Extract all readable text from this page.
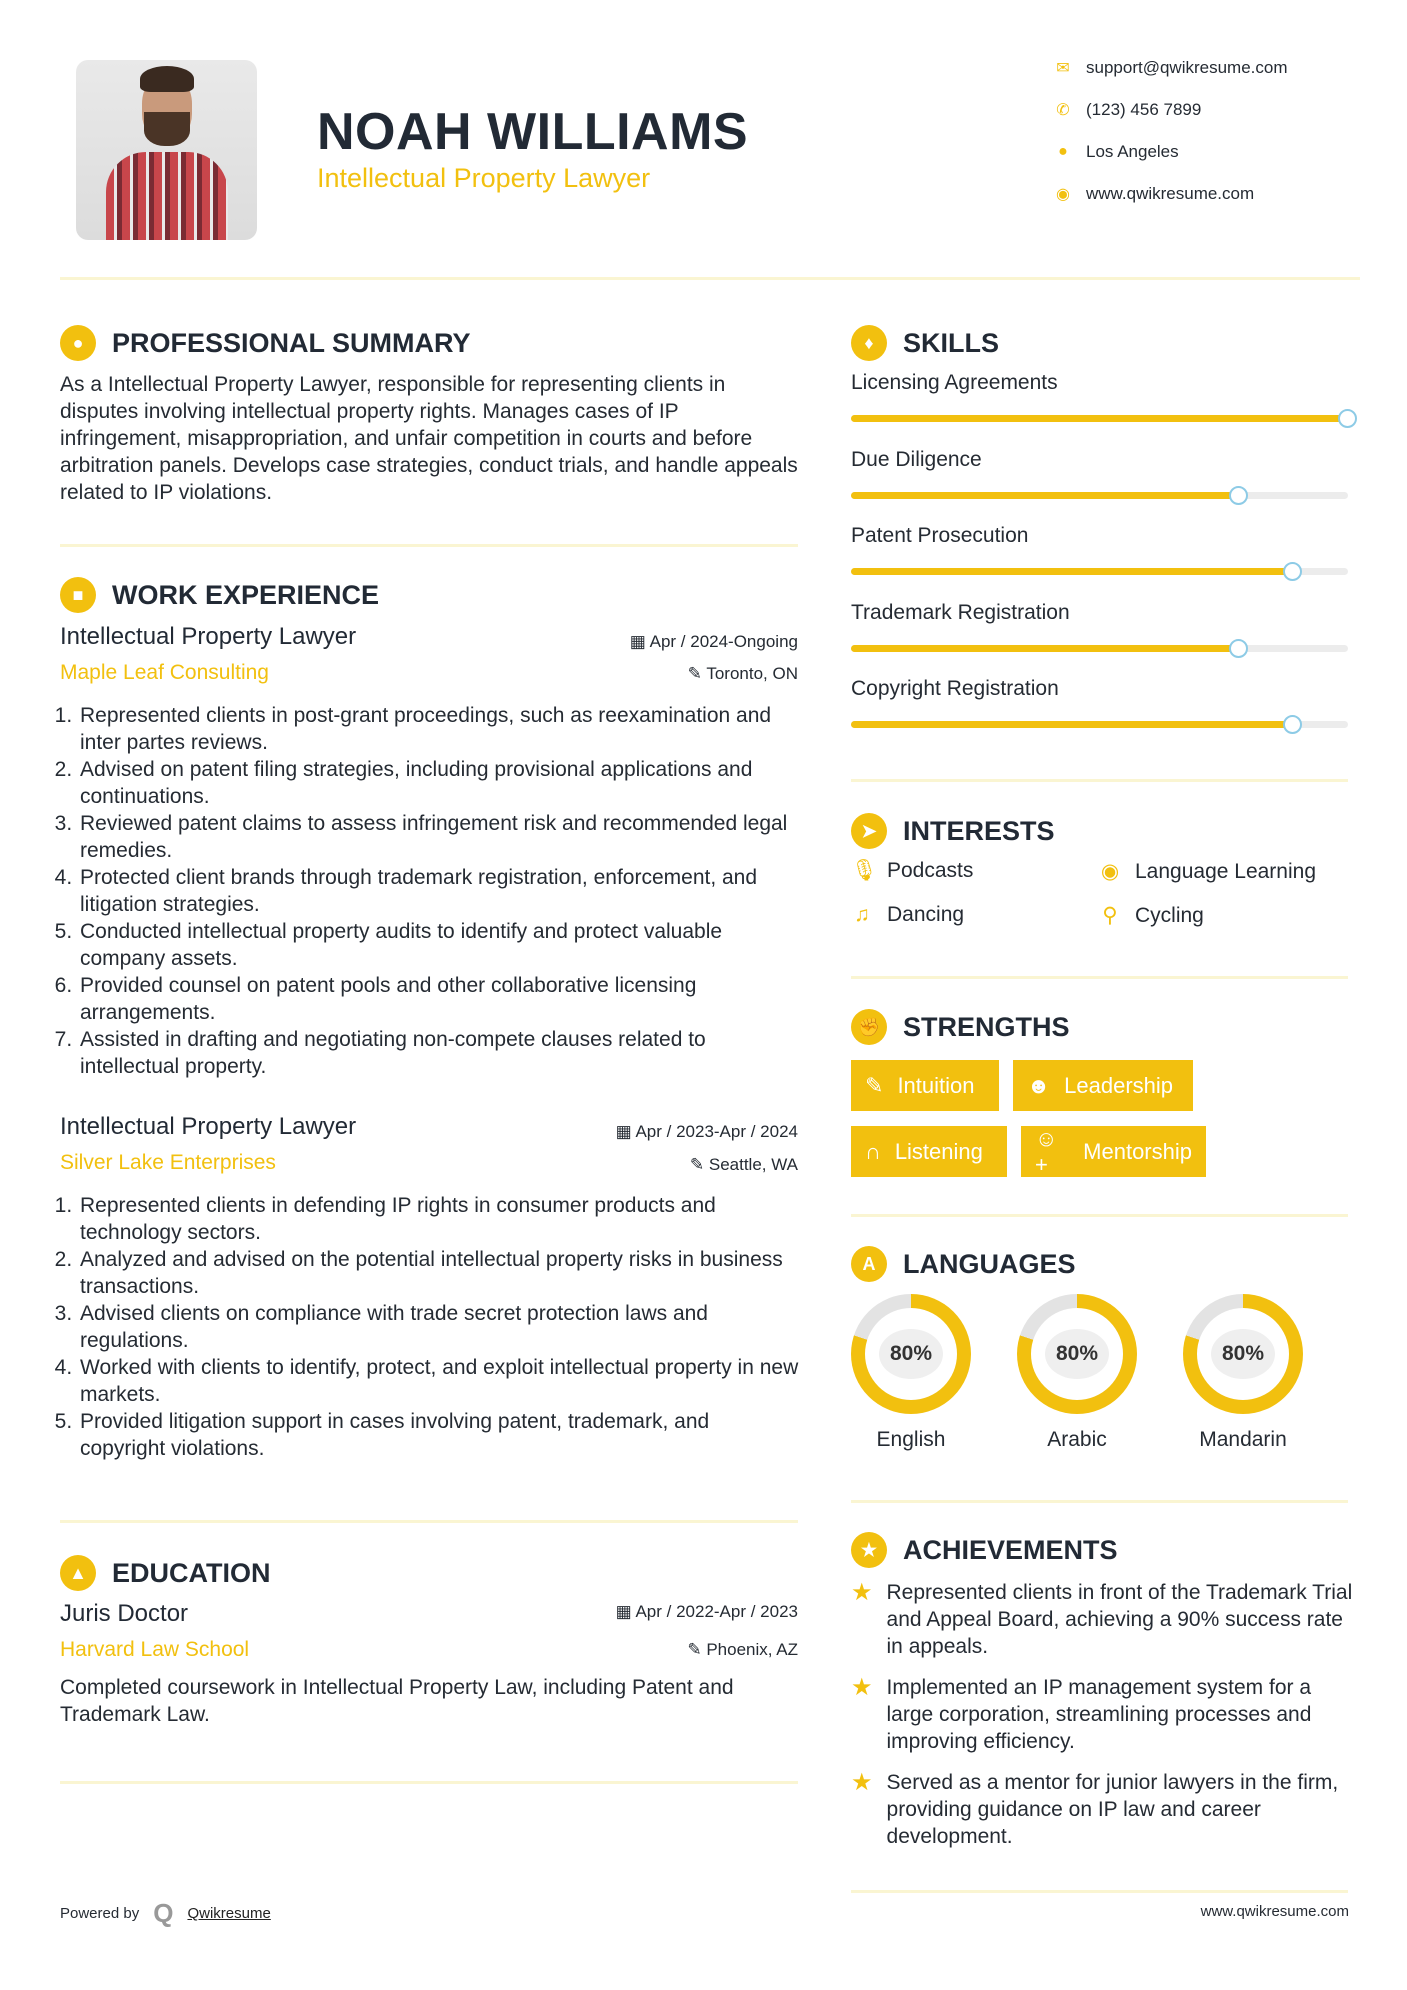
NOAH WILLIAMS
Intellectual Property Lawyer
✉ support@qwikresume.com
✆ (123) 456 7899
● Los Angeles
◉ www.qwikresume.com
●	PROFESSIONAL SUMMARY
As a Intellectual Property Lawyer, responsible for representing clients in disputes involving intellectual property rights. Manages cases of IP infringement, misappropriation, and unfair competition in courts and before arbitration panels. Develops case strategies, conduct trials, and handle appeals related to IP violations.
■	WORK EXPERIENCE
Intellectual Property Lawyer	▦ Apr / 2024-Ongoing
Maple Leaf Consulting	✎ Toronto, ON
1. Represented clients in post-grant proceedings, such as reexamination and inter partes reviews.
2. Advised on patent filing strategies, including provisional applications and continuations.
3. Reviewed patent claims to assess infringement risk and recommended legal remedies.
4. Protected client brands through trademark registration, enforcement, and litigation strategies.
5. Conducted intellectual property audits to identify and protect valuable company assets.
6. Provided counsel on patent pools and other collaborative licensing arrangements.
7. Assisted in drafting and negotiating non-compete clauses related to intellectual property.
Intellectual Property Lawyer	▦ Apr / 2023-Apr / 2024
Silver Lake Enterprises	✎ Seattle, WA
1. Represented clients in defending IP rights in consumer products and technology sectors.
2. Analyzed and advised on the potential intellectual property risks in business transactions.
3. Advised clients on compliance with trade secret protection laws and regulations.
4. Worked with clients to identify, protect, and exploit intellectual property in new markets.
5. Provided litigation support in cases involving patent, trademark, and copyright violations.
▲ EDUCATION
Juris Doctor	▦ Apr / 2022-Apr / 2023
Harvard Law School	✎ Phoenix, AZ
Completed coursework in Intellectual Property Law, including Patent and Trademark Law.
♦	SKILLS
Licensing Agreements
Due Diligence
Patent Prosecution
Trademark Registration
Copyright Registration
➤ INTERESTS
🎙 Podcasts	◉ Language Learning
♫ Dancing	⚲ Cycling
✊ STRENGTHS
✎ Intuition ☻ Leadership
∩ Listening
☺+
Mentorship
A	LANGUAGES
80%
English
80%
Arabic
80%
Mandarin
★ ACHIEVEMENTS
★ Represented clients in front of the Trademark Trial and Appeal Board, achieving a 90% success rate in appeals.
★ Implemented an IP management system for a large corporation, streamlining processes and improving efficiency.
★ Served as a mentor for junior lawyers in the firm, providing guidance on IP law and career development.
Powered by Q Qwikresume	www.qwikresume.com
